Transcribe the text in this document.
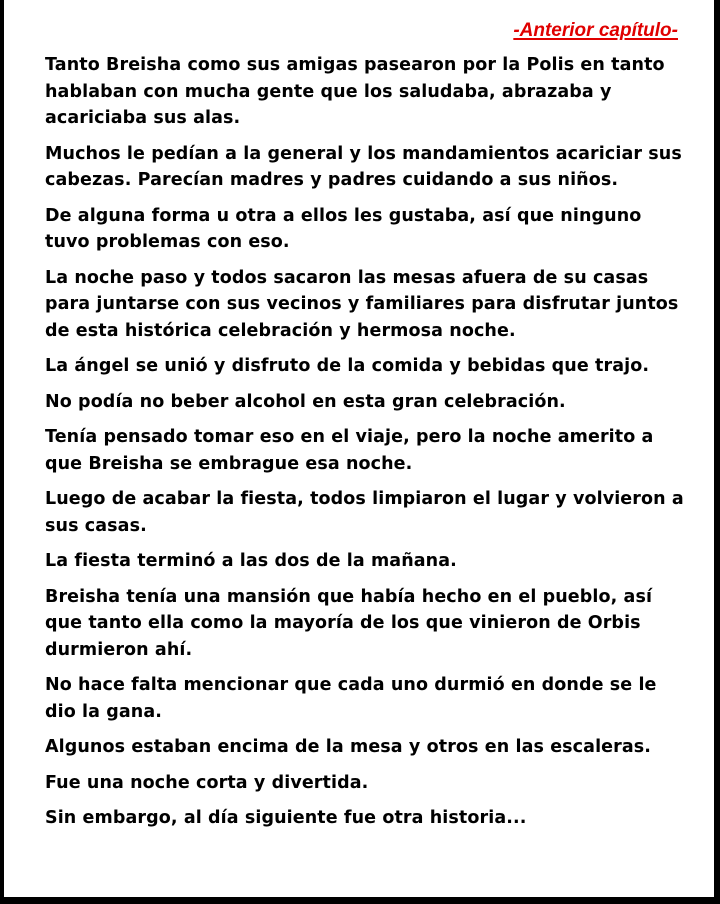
-Anterior capítulo-

Tanto Breisha como sus amigas pasearon por la Polis en tanto hablaban con mucha gente que los saludaba, abrazaba y acariciaba sus alas.

Muchos le pedían a la general y los mandamientos acariciar sus cabezas. Parecían madres y padres cuidando a sus niños.

De alguna forma u otra a ellos les gustaba, así que ninguno tuvo problemas con eso.

La noche paso y todos sacaron las mesas afuera de su casas para juntarse con sus vecinos y familiares para disfrutar juntos de esta histórica celebración y hermosa noche.

La ángel se unió y disfruto de la comida y bebidas que trajo.

No podía no beber alcohol en esta gran celebración.

Tenía pensado tomar eso en el viaje, pero la noche amerito a que Breisha se embrague esa noche.

Luego de acabar la fiesta, todos limpiaron el lugar y volvieron a sus casas.

La fiesta terminó a las dos de la mañana.

Breisha tenía una mansión que había hecho en el pueblo, así que tanto ella como la mayoría de los que vinieron de Orbis durmieron ahí.

No hace falta mencionar que cada uno durmió en donde se le dio la gana.

Algunos estaban encima de la mesa y otros en las escaleras.

Fue una noche corta y divertida.

Sin embargo, al día siguiente fue otra historia...
